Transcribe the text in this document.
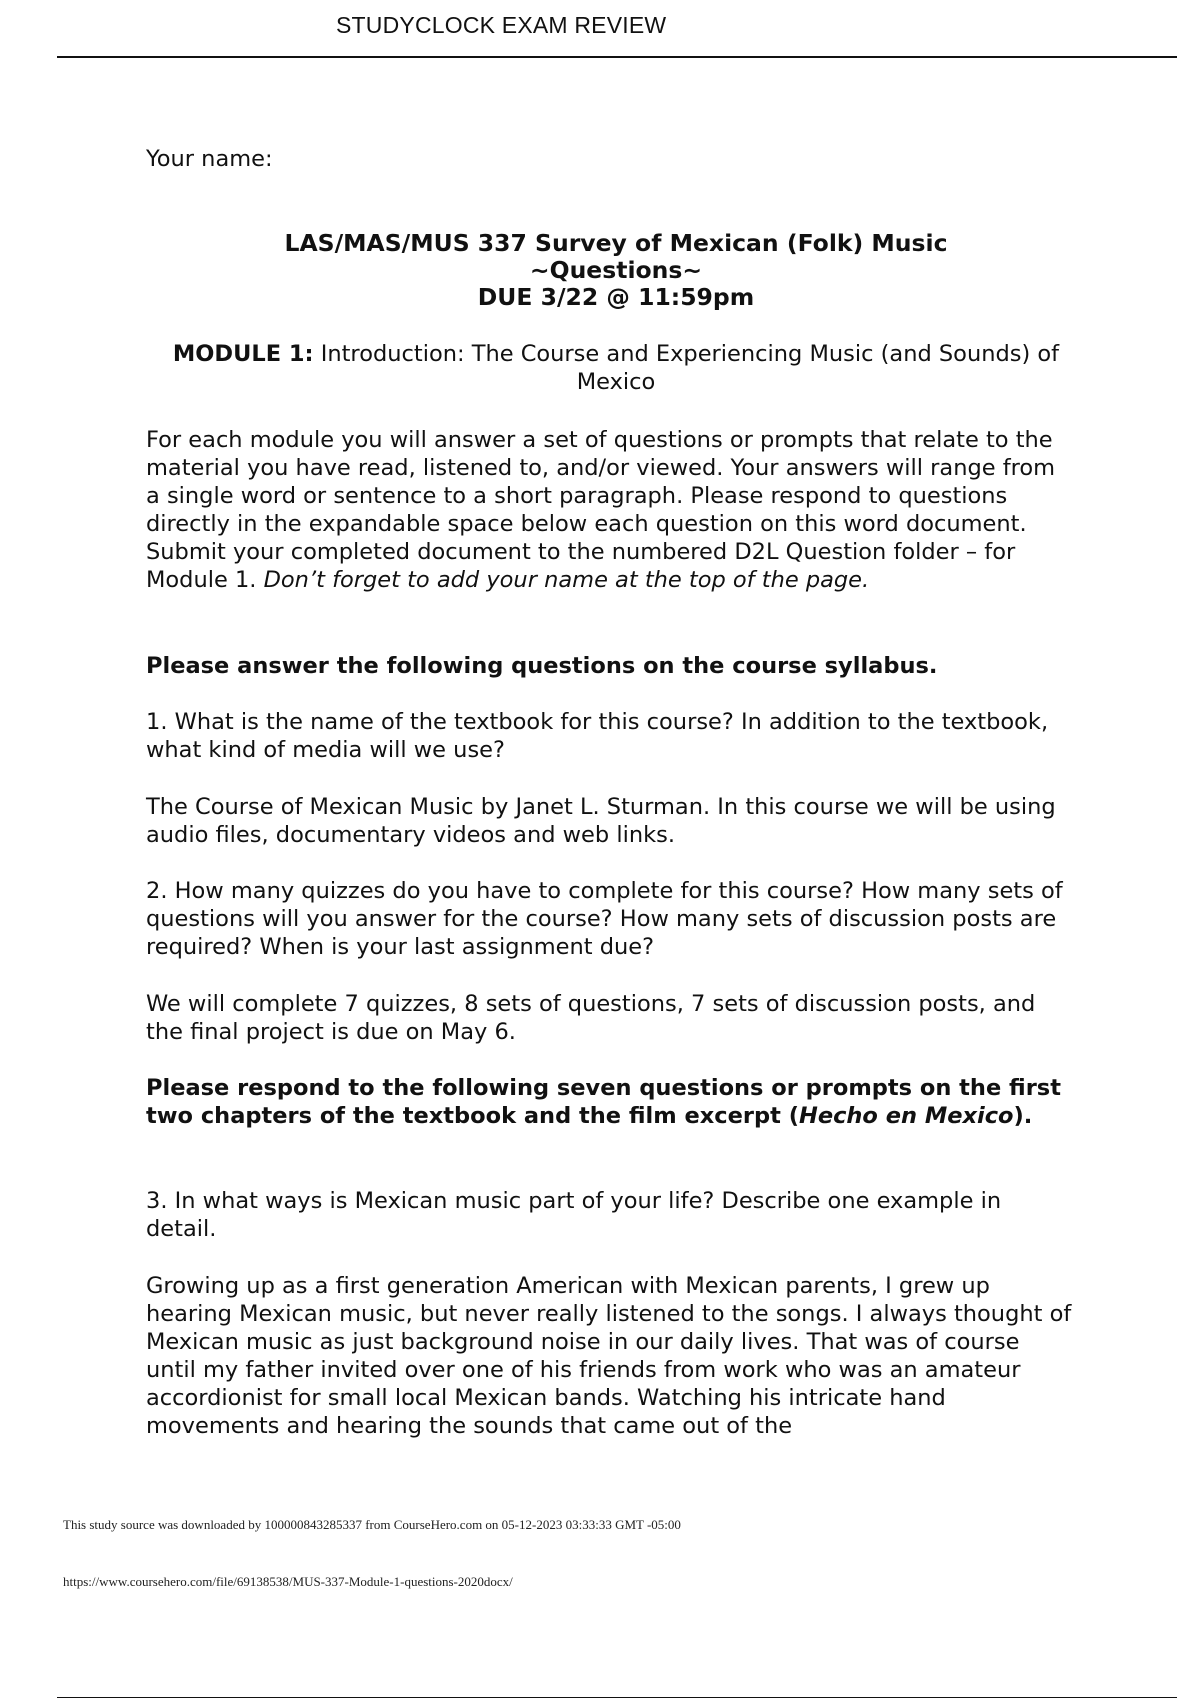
STUDYCLOCK EXAM REVIEW
Your name:
LAS/MAS/MUS 337 Survey of Mexican (Folk) Music
~Questions~
DUE 3/22 @ 11:59pm
MODULE 1: Introduction: The Course and Experiencing Music (and Sounds) of Mexico

For each module you will answer a set of questions or prompts that relate to the material you have read, listened to, and/or viewed. Your answers will range from a single word or sentence to a short paragraph. Please respond to questions directly in the expandable space below each question on this word document. Submit your completed document to the numbered D2L Question folder – for Module 1. Don’t forget to add your name at the top of the page.

Please answer the following questions on the course syllabus.

1. What is the name of the textbook for this course? In addition to the textbook, what kind of media will we use?

The Course of Mexican Music by Janet L. Sturman. In this course we will be using audio files, documentary videos and web links.

2. How many quizzes do you have to complete for this course? How many sets of questions will you answer for the course? How many sets of discussion posts are required? When is your last assignment due?

We will complete 7 quizzes, 8 sets of questions, 7 sets of discussion posts, and the final project is due on May 6.

Please respond to the following seven questions or prompts on the first two chapters of the textbook and the film excerpt (Hecho en Mexico).

3. In what ways is Mexican music part of your life? Describe one example in detail.

Growing up as a first generation American with Mexican parents, I grew up hearing Mexican music, but never really listened to the songs. I always thought of Mexican music as just background noise in our daily lives. That was of course until my father invited over one of his friends from work who was an amateur accordionist for small local Mexican bands. Watching his intricate hand movements and hearing the sounds that came out of the

This study source was downloaded by 100000843285337 from CourseHero.com on 05-12-2023 03:33:33 GMT -05:00
https://www.coursehero.com/file/69138538/MUS-337-Module-1-questions-2020docx/
